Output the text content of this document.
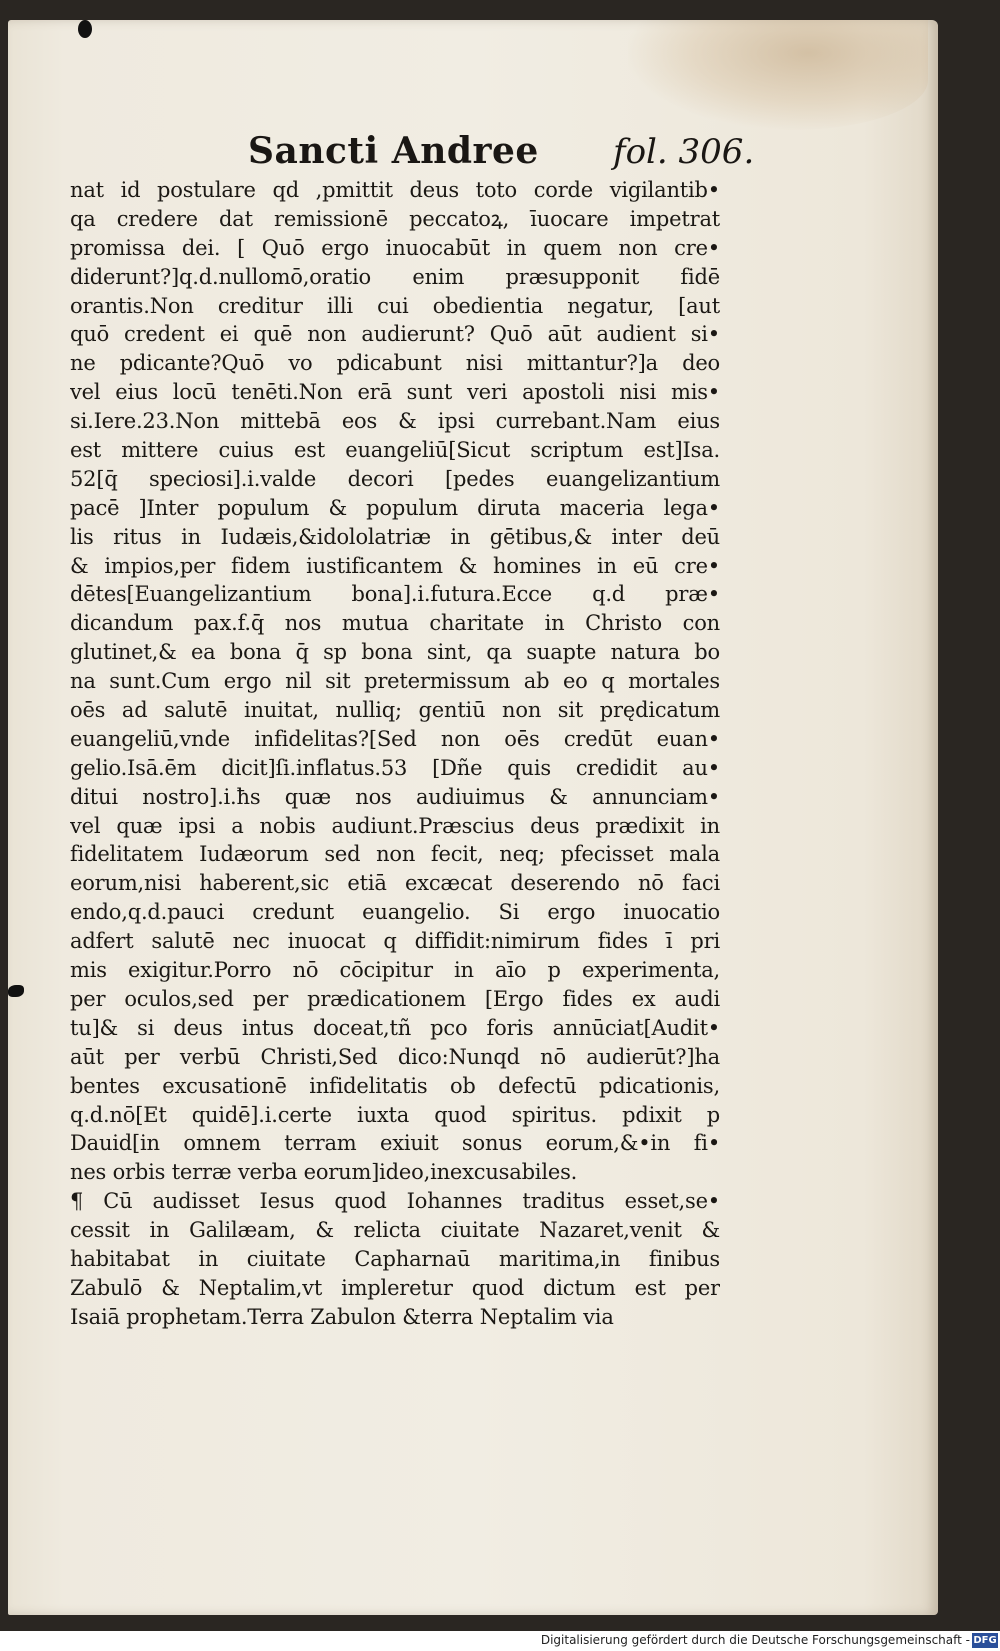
Sancti Andree fol. 306.
nat id postulare qd ,pmittit deus toto corde vigilantib•
qa credere dat remissionē peccatoꝝ, īuocare impetrat
promissa dei. [ Quō ergo inuocabūt in quem non cre•
diderunt?]q.d.nullomō,oratio enim præsupponit fidē
orantis.Non creditur illi cui obedientia negatur, [aut
quō credent ei quē non audierunt? Quō aūt audient si•
ne pdicante?Quō vo pdicabunt nisi mittantur?]a deo
vel eius locū tenēti.Non erā sunt veri apostoli nisi mis•
si.Iere.23.Non mittebā eos & ipsi currebant.Nam eius
est mittere cuius est euangeliū[Sicut scriptum est]Isa.
52[q̄ speciosi].i.valde decori [pedes euangelizantium
pacē ]Inter populum & populum diruta maceria lega•
lis ritus in Iudæis,&idololatriæ in gētibus,& inter deū
& impios,per fidem iustificantem & homines in eū cre•
dētes[Euangelizantium bona].i.futura.Ecce q.d præ•
dicandum pax.f.q̄ nos mutua charitate in Christo con
glutinet,& ea bona q̄ sp bona sint, qa suapte natura bo
na sunt.Cum ergo nil sit pretermissum ab eo q mortales
oēs ad salutē inuitat, nulliq; gentiū non sit prędicatum
euangeliū,vnde infidelitas?[Sed non oēs credūt euan•
gelio.Isā.ēm dicit]ſi.inflatus.53 [Dñe quis credidit au•
ditui nostro].i.ħs quæ nos audiuimus & annunciam•
vel quæ ipsi a nobis audiunt.Præscius deus prædixit in
fidelitatem Iudæorum sed non fecit, neq; pfecisset mala
eorum,nisi haberent,sic etiā excæcat deserendo nō faci
endo,q.d.pauci credunt euangelio. Si ergo inuocatio
adfert salutē nec inuocat q diffidit:nimirum fides ī pri
mis exigitur.Porro nō cōcipitur in aīo p experimenta,
per oculos,sed per prædicationem [Ergo fides ex audi
tu]& si deus intus doceat,tñ pco foris annūciat[Audit•
aūt per verbū Christi,Sed dico:Nunqd nō audierūt?]ha
bentes excusationē infidelitatis ob defectū pdicationis,
q.d.nō[Et quidē].i.certe iuxta quod spiritus. pdixit p
Dauid[in omnem terram exiuit sonus eorum,&•in fi•
nes orbis terræ verba eorum]ideo,inexcusabiles.
¶ Cū audisset Iesus quod Iohannes traditus esset,se•
cessit in Galilæam, & relicta ciuitate Nazaret,venit &
habitabat in ciuitate Capharnaū maritima,in finibus
Zabulō & Neptalim,vt impleretur quod dictum est per
Isaiā prophetam.Terra Zabulon &terra Neptalim via
Digitalisierung gefördert durch die Deutsche Forschungsgemeinschaft - DFG
